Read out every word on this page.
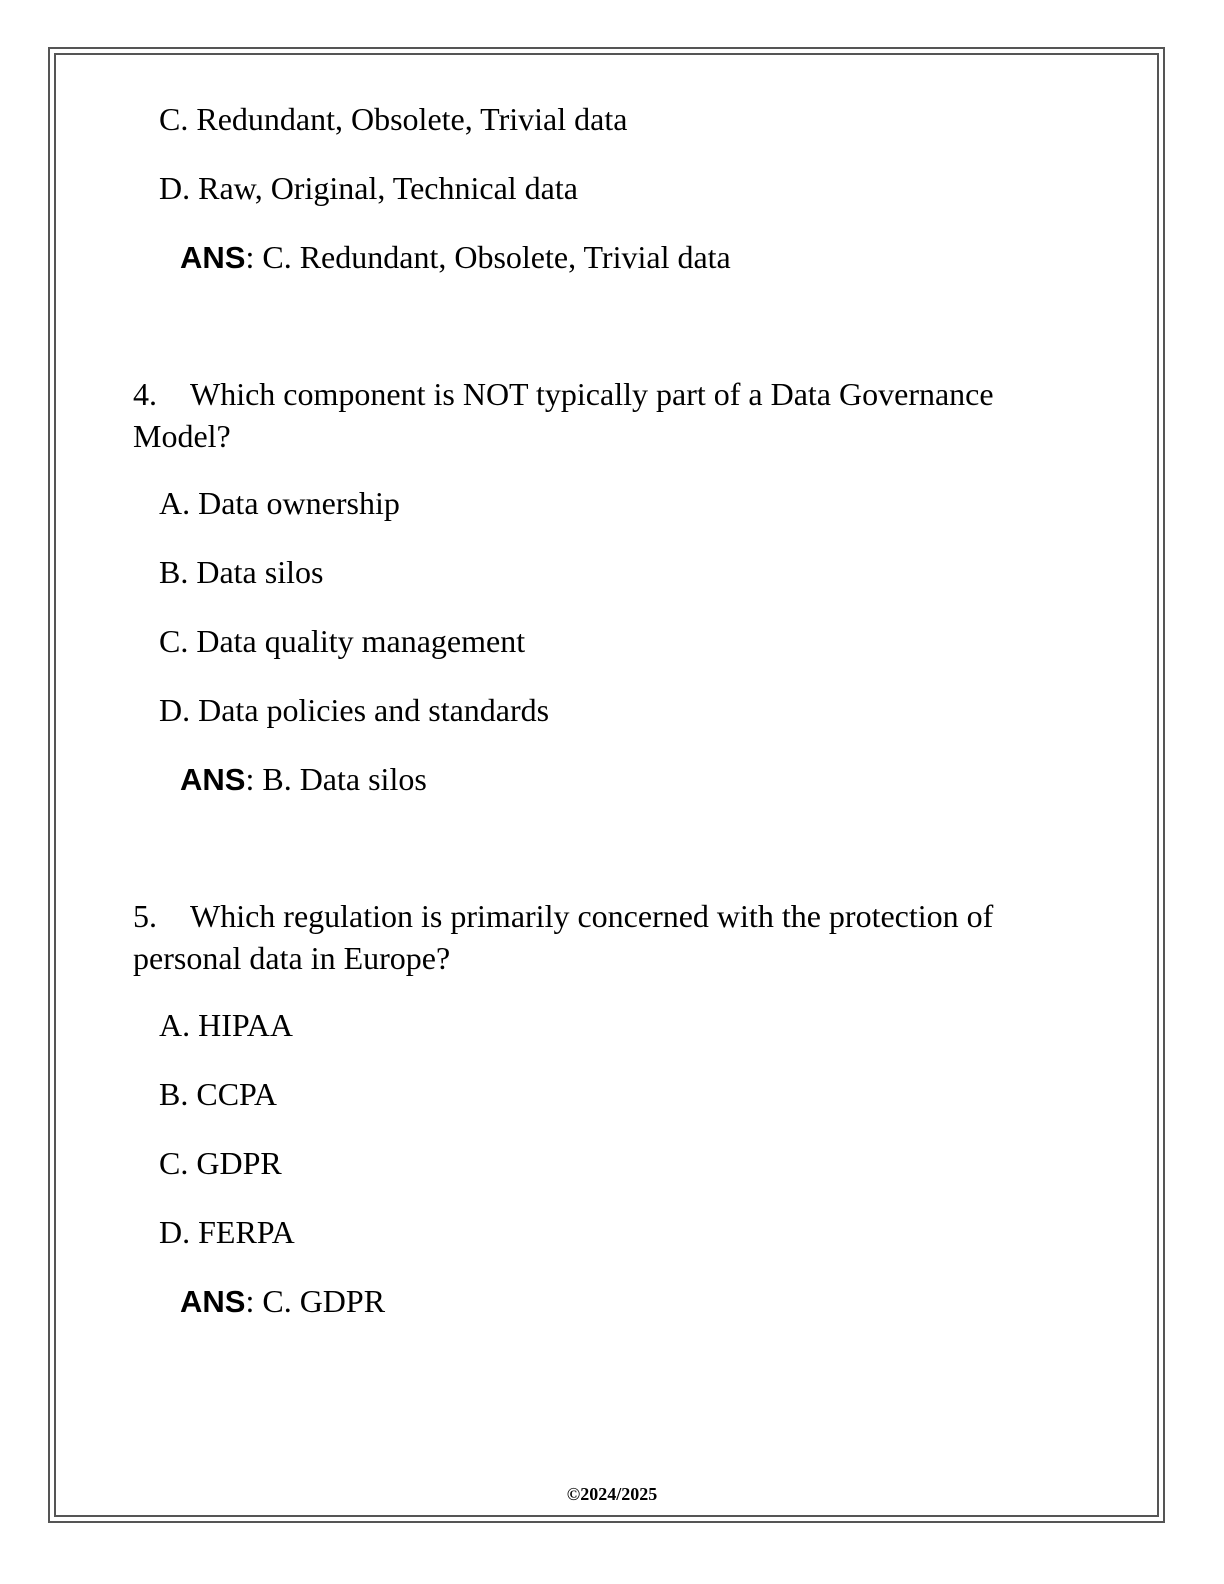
C. Redundant, Obsolete, Trivial data
D. Raw, Original, Technical data
ANS: C. Redundant, Obsolete, Trivial data
4. Which component is NOT typically part of a Data Governance Model?
A. Data ownership
B. Data silos
C. Data quality management
D. Data policies and standards
ANS: B. Data silos
5. Which regulation is primarily concerned with the protection of personal data in Europe?
A. HIPAA
B. CCPA
C. GDPR
D. FERPA
ANS: C. GDPR
©2024/2025
